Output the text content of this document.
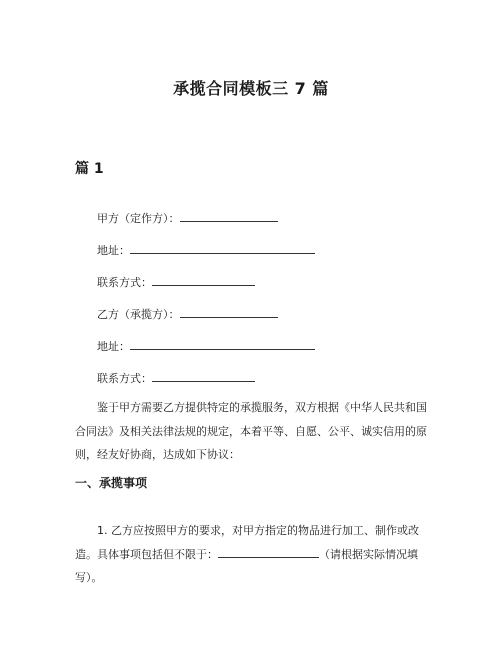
承揽合同模板三 7 篇
篇 1
甲方（定作方）：
地址：
联系方式：
乙方（承揽方）：
地址：
联系方式：
鉴于甲方需要乙方提供特定的承揽服务，双方根据《中华人民共和国合同法》及相关法律法规的规定，本着平等、自愿、公平、诚实信用的原则，经友好协商，达成如下协议：
一、承揽事项
1. 乙方应按照甲方的要求，对甲方指定的物品进行加工、制作或改造。具体事项包括但不限于：	（请根据实际情况填写）。
